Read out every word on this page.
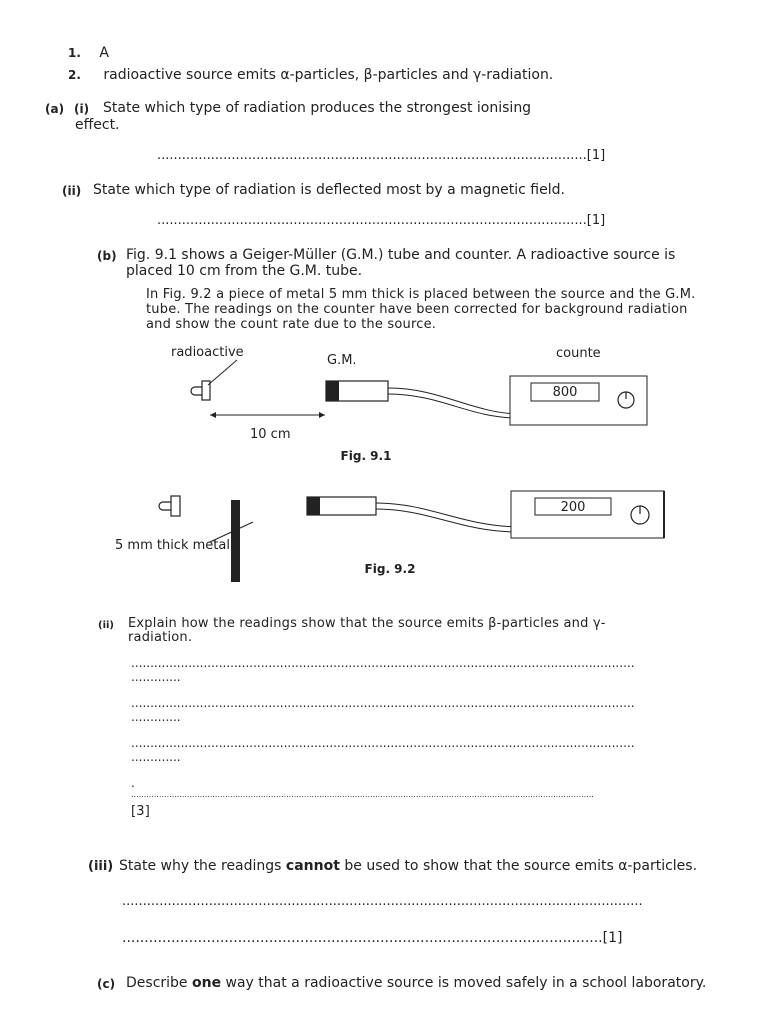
1. A
2. radioactive source emits α-particles, β-particles and γ-radiation.
(a) (i) State which type of radiation produces the strongest ionising
effect.
........................................................................................................[1]
(ii) State which type of radiation is deflected most by a magnetic field.
........................................................................................................[1]
(b) Fig. 9.1 shows a Geiger-Müller (G.M.) tube and counter. A radioactive source is
placed 10 cm from the G.M. tube.
In Fig. 9.2 a piece of metal 5 mm thick is placed between the source and the G.M.
tube. The readings on the counter have been corrected for background radiation
and show the count rate due to the source.
radioactive
G.M.	counte
10 cm
800
Fig. 9.1
5 mm thick metal
200
Fig. 9.2
(ii) Explain how the readings show that the source emits β-particles and γ-
radiation.
....................................................................................................................................
.............
....................................................................................................................................
.............
....................................................................................................................................
.............
.
......................................................................................................................................................................................
[3]
(iii) State why the readings cannot be used to show that the source emits α-particles.
..............................................................................................................................
............................................................................................................[1]
(c) Describe one way that a radioactive source is moved safely in a school laboratory.
